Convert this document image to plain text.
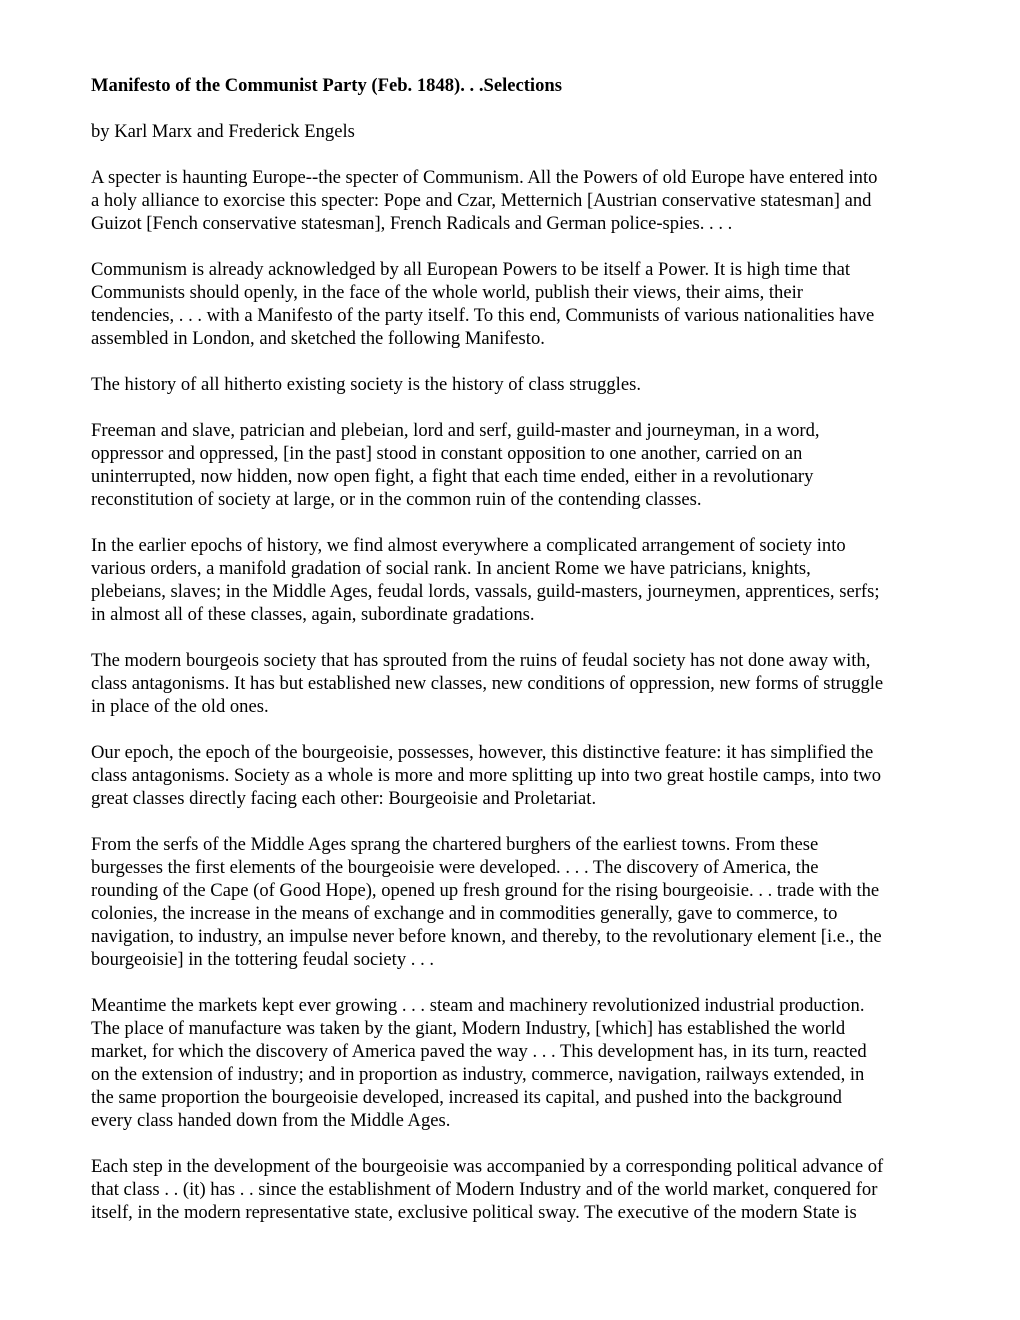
Manifesto of the Communist Party (Feb. 1848). . .Selections
by Karl Marx and Frederick Engels
A specter is haunting Europe--the specter of Communism. All the Powers of old Europe have entered into
a holy alliance to exorcise this specter: Pope and Czar, Metternich [Austrian conservative statesman] and
Guizot [Fench conservative statesman], French Radicals and German police-spies. . . .
Communism is already acknowledged by all European Powers to be itself a Power. It is high time that
Communists should openly, in the face of the whole world, publish their views, their aims, their
tendencies, . . . with a Manifesto of the party itself. To this end, Communists of various nationalities have
assembled in London, and sketched the following Manifesto.
The history of all hitherto existing society is the history of class struggles.
Freeman and slave, patrician and plebeian, lord and serf, guild-master and journeyman, in a word,
oppressor and oppressed, [in the past] stood in constant opposition to one another, carried on an
uninterrupted, now hidden, now open fight, a fight that each time ended, either in a revolutionary
reconstitution of society at large, or in the common ruin of the contending classes.
In the earlier epochs of history, we find almost everywhere a complicated arrangement of society into
various orders, a manifold gradation of social rank. In ancient Rome we have patricians, knights,
plebeians, slaves; in the Middle Ages, feudal lords, vassals, guild-masters, journeymen, apprentices, serfs;
in almost all of these classes, again, subordinate gradations.
The modern bourgeois society that has sprouted from the ruins of feudal society has not done away with,
class antagonisms. It has but established new classes, new conditions of oppression, new forms of struggle
in place of the old ones.
Our epoch, the epoch of the bourgeoisie, possesses, however, this distinctive feature: it has simplified the
class antagonisms. Society as a whole is more and more splitting up into two great hostile camps, into two
great classes directly facing each other: Bourgeoisie and Proletariat.
From the serfs of the Middle Ages sprang the chartered burghers of the earliest towns. From these
burgesses the first elements of the bourgeoisie were developed. . . . The discovery of America, the
rounding of the Cape (of Good Hope), opened up fresh ground for the rising bourgeoisie. . . trade with the
colonies, the increase in the means of exchange and in commodities generally, gave to commerce, to
navigation, to industry, an impulse never before known, and thereby, to the revolutionary element [i.e., the
bourgeoisie] in the tottering feudal society . . .
Meantime the markets kept ever growing . . . steam and machinery revolutionized industrial production.
The place of manufacture was taken by the giant, Modern Industry, [which] has established the world
market, for which the discovery of America paved the way . . . This development has, in its turn, reacted
on the extension of industry; and in proportion as industry, commerce, navigation, railways extended, in
the same proportion the bourgeoisie developed, increased its capital, and pushed into the background
every class handed down from the Middle Ages.
Each step in the development of the bourgeoisie was accompanied by a corresponding political advance of
that class . . (it) has . . since the establishment of Modern Industry and of the world market, conquered for
itself, in the modern representative state, exclusive political sway. The executive of the modern State is
